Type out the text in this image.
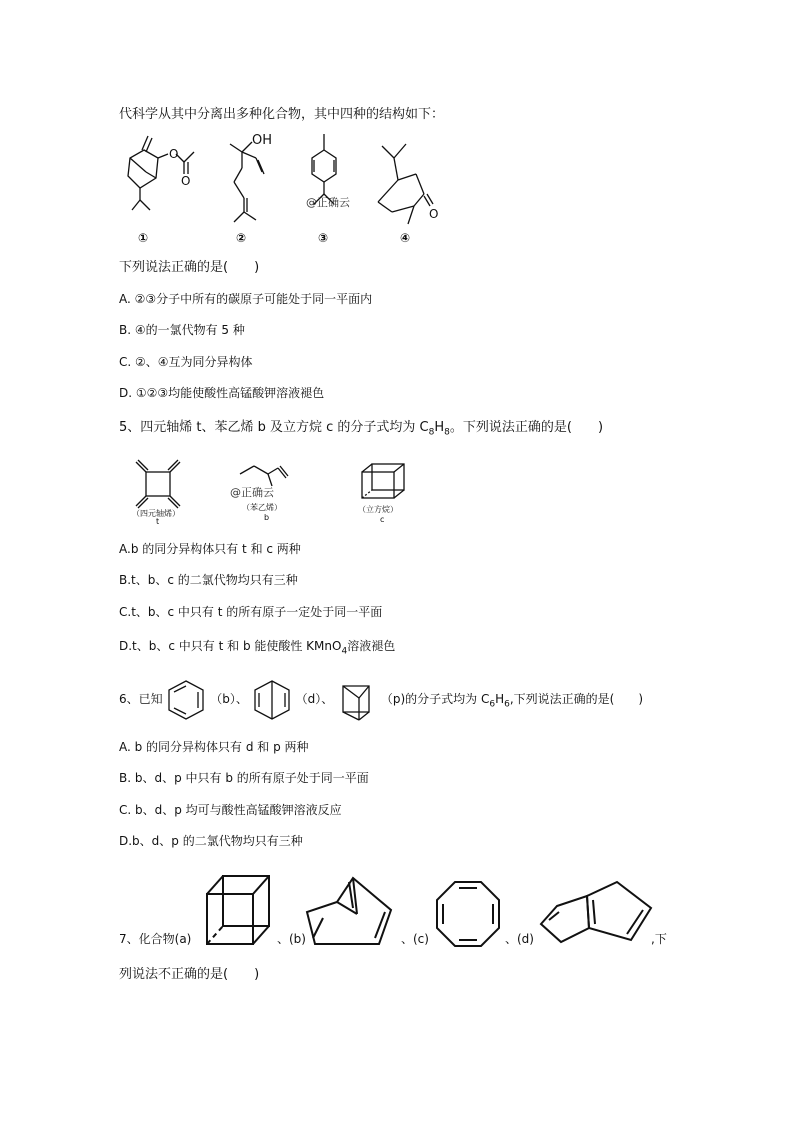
代科学从其中分离出多种化合物，其中四种的结构如下：
O
O
①
OH
②
@正确云
③
O
④
下列说法正确的是(　　)
A. ②③分子中所有的碳原子可能处于同一平面内
B. ④的一氯代物有 5 种
C. ②、④互为同分异构体
D. ①②③均能使酸性高锰酸钾溶液褪色
5、四元轴烯 t、苯乙烯 b 及立方烷 c 的分子式均为 $C_8H_8$。下列说法正确的是(　　)
（四元轴烯）
t
@正确云
（苯乙烯）
b
（立方烷）
c
A.b 的同分异构体只有 t 和 c 两种
B.t、b、c 的二氯代物均只有三种
C.t、b、c 中只有 t 的所有原子一定处于同一平面
D.t、b、c 中只有 t 和 b 能使酸性 KMnO$_4$溶液褪色
6、已知	（b）、	（d）、	（p)的分子式均为 $C_6H_6$,下列说法正确的是(　　)
A. b 的同分异构体只有 d 和 p 两种
B. b、d、p 中只有 b 的所有原子处于同一平面
C. b、d、p 均可与酸性高锰酸钾溶液反应
D.b、d、p 的二氯代物均只有三种
7、化合物(a)	、(b)	、(c)	、(d)	,下
列说法不正确的是(　　)
